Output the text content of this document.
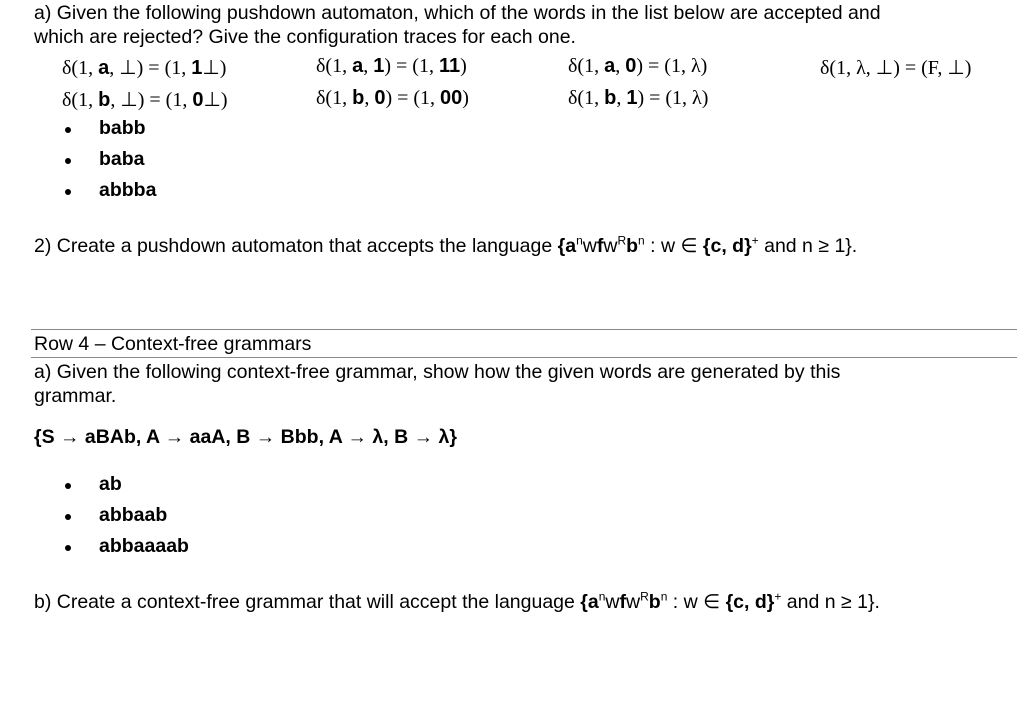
a) Given the following pushdown automaton, which of the words in the list below are accepted and
which are rejected? Give the configuration traces for each one.
δ(1, a, ⊥) = (1, 1⊥)	δ(1, a, 1) = (1, 11)	δ(1, a, 0) = (1, λ)	δ(1, λ, ⊥) = (F, ⊥)
δ(1, b, ⊥) = (1, 0⊥)	δ(1, b, 0) = (1, 00)	δ(1, b, 1) = (1, λ)
babb
baba
abbba
2) Create a pushdown automaton that accepts the language {$a^nwfw^Rb^n$ : w ∈ {c, d}+ and n ≥ 1}.
Row 4 – Context-free grammars
a) Given the following context-free grammar, show how the given words are generated by this
grammar.
{S → aBAb, A → aaA, B → Bbb, A → λ, B → λ}
ab
abbaab
abbaaaab
b) Create a context-free grammar that will accept the language {$a^nwfw^Rb^n$ : w ∈ {c, d}+ and n ≥ 1}.
